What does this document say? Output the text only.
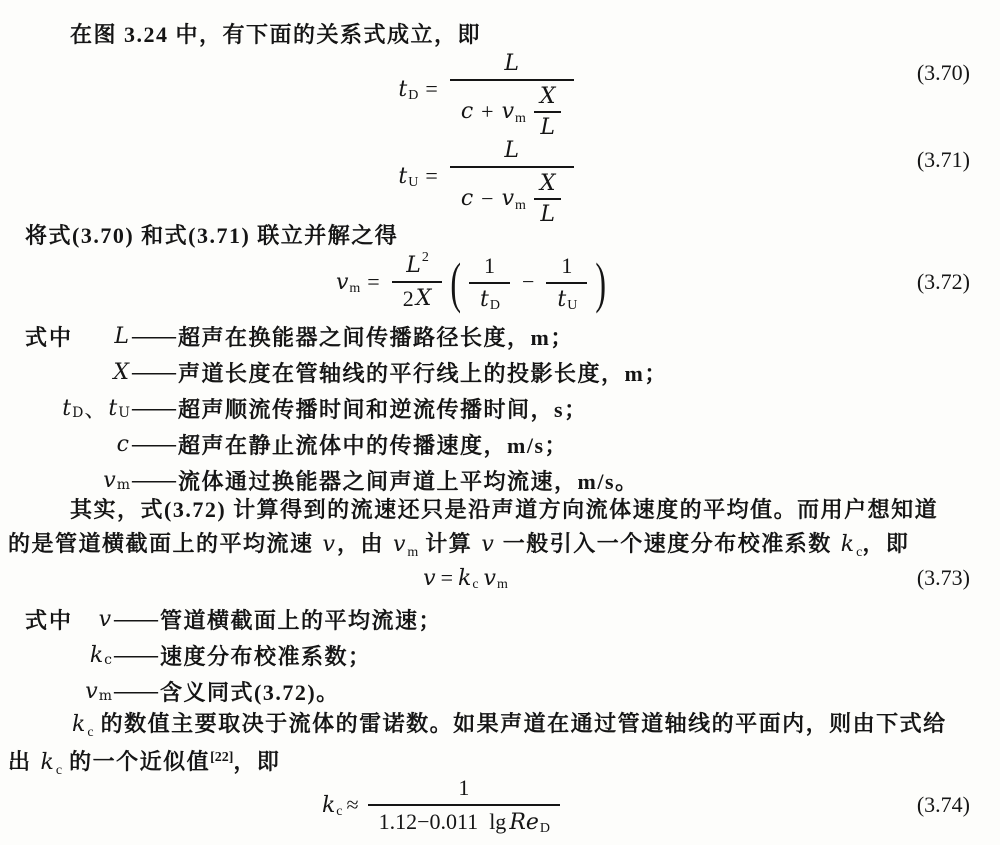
在图 3.24 中，有下面的关系式成立，即
t D =
L
c + v m $\frac{X}{L}$
(3.70)
t U =
L
c − v m $\frac{X}{L}$
(3.71)
将式(3.70) 和式(3.71) 联立并解之得
v $m = \frac{L 2}{2 X}$ ( $\frac{1}{\text{t D}} - \frac{1}{\text{t U}}$ )	(3.72)
式中 L —— 超声在换能器之间传播路径长度，m；
X —— 声道长度在管轴线的平行线上的投影长度，m；
t D 、 t U —— 超声顺流传播时间和逆流传播时间，s；
c —— 超声在静止流体中的传播速度，m/s；
v m —— 流体通过换能器之间声道上平均流速，m/s。
其实，式(3.72) 计算得到的流速还只是沿声道方向流体速度的平均值。而用户想知道
的是管道横截面上的平均流速 v，由 v $_m$ 计算 v 一般引入一个速度分布校准系数 k $_c$，即
v = k c v m	(3.73)
式中 v —— 管道横截面上的平均流速；
k c —— 速度分布校准系数；
v m —— 含义同式(3.72)。
k $_c$ 的数值主要取决于流体的雷诺数。如果声道在通过管道轴线的平面内，则由下式给
出 k $_c$ 的一个近似值[22]，即
k $c \approx \frac{1}{\text{1.12−0.011 lg Re D}}$	(3.74)
